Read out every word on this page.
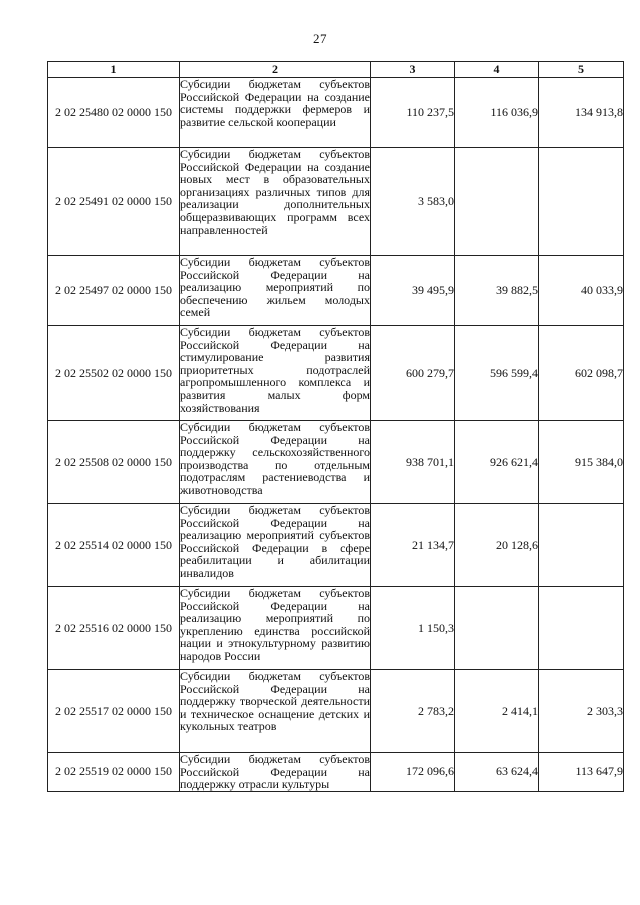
27
1	2	3	4	5
2 02 25480 02 0000 150	Субсидии бюджетам субъектов Российской Федерации на создание системы поддержки фермеров и развитие сельской кооперации	110 237,5	116 036,9	134 913,8
2 02 25491 02 0000 150	Субсидии бюджетам субъектов Российской Федерации на создание новых мест в образовательных организациях различных типов для реализации дополнительных общеразвивающих программ всех направленностей	3 583,0		
2 02 25497 02 0000 150	Субсидии бюджетам субъектов Российской Федерации на реализацию мероприятий по обеспечению жильем молодых семей	39 495,9	39 882,5	40 033,9
2 02 25502 02 0000 150	Субсидии бюджетам субъектов Российской Федерации на стимулирование развития приоритетных подотраслей агропромышленного комплекса и развития малых форм хозяйствования	600 279,7	596 599,4	602 098,7
2 02 25508 02 0000 150	Субсидии бюджетам субъектов Российской Федерации на поддержку сельскохозяйственного производства по отдельным подотраслям растениеводства и животноводства	938 701,1	926 621,4	915 384,0
2 02 25514 02 0000 150	Субсидии бюджетам субъектов Российской Федерации на реализацию мероприятий субъектов Российской Федерации в сфере реабилитации и абилитации инвалидов	21 134,7	20 128,6	
2 02 25516 02 0000 150	Субсидии бюджетам субъектов Российской Федерации на реализацию мероприятий по укреплению единства российской нации и этнокультурному развитию народов России	1 150,3		
2 02 25517 02 0000 150	Субсидии бюджетам субъектов Российской Федерации на поддержку творческой деятельности и техническое оснащение детских и кукольных театров	2 783,2	2 414,1	2 303,3
2 02 25519 02 0000 150	Субсидии бюджетам субъектов Российской Федерации на поддержку отрасли культуры	172 096,6	63 624,4	113 647,9
